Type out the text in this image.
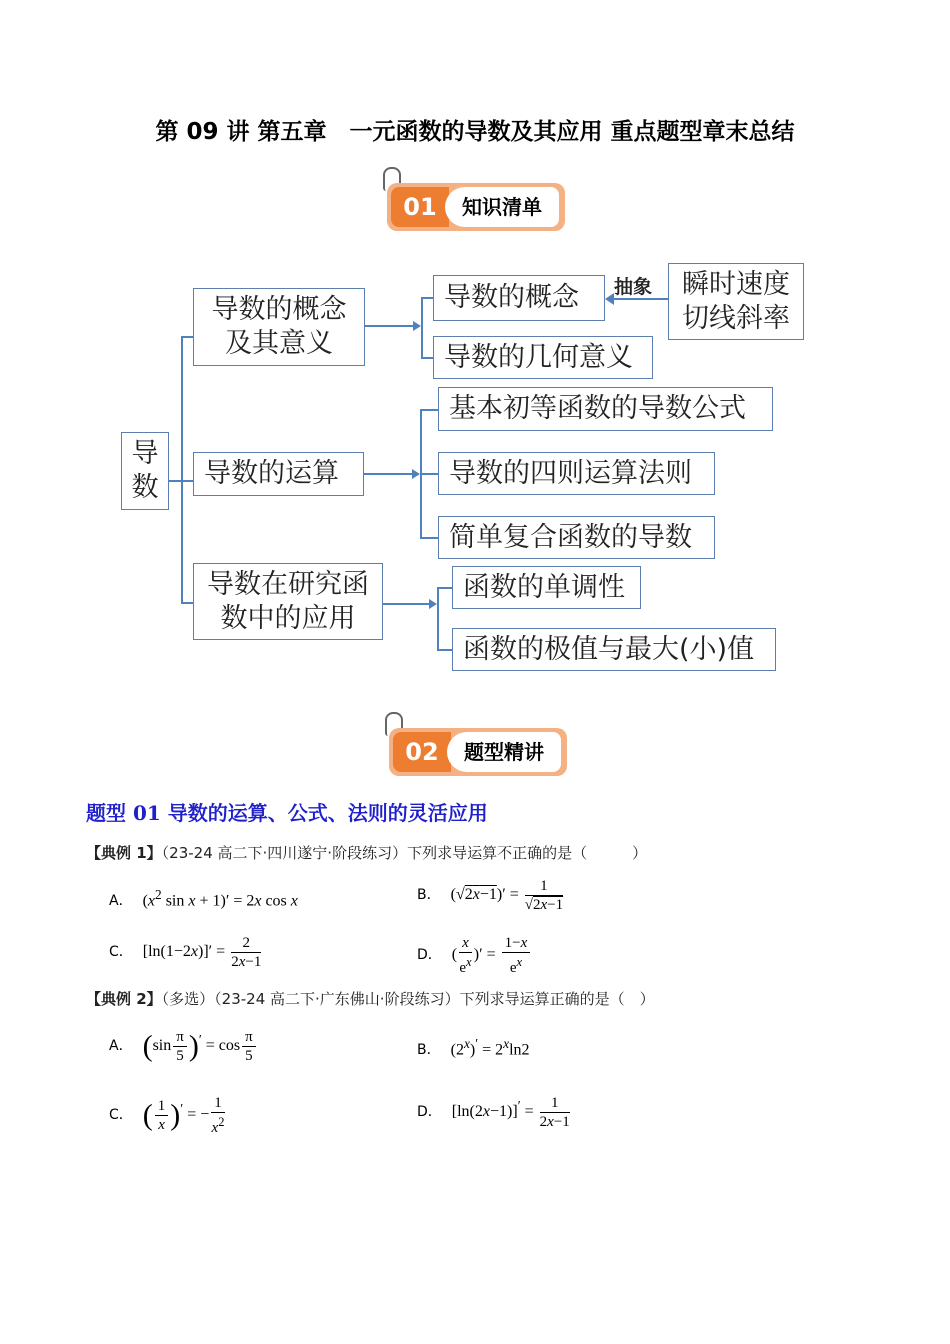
第 09 讲 第五章　一元函数的导数及其应用 重点题型章末总结
01	知识清单
导
数
导数的概念
及其意义
导数的概念
导数的几何意义
抽象 瞬时速度
切线斜率
导数的运算
基本初等函数的导数公式
导数的四则运算法则
简单复合函数的导数
导数在研究函
数中的应用
函数的单调性
函数的极值与最大(小)值
02	题型精讲
题型 01 导数的运算、公式、法则的灵活应用
【典例 1】（23-24 高二下·四川遂宁·阶段练习）下列求导运算不正确的是（　　　）
A． ($x^2$ sin x + 1)′ = 2x cos x	B． $(√2x-1)' = \frac{1}{√2x-1}$
C． $[\ln(1-2x)]' = \frac{2}{2x-1}$	D． ( $\frac{x}{e^x}$ )′ = $\frac{1-x}{e^x}$
【典例 2】（多选）（23-24 高二下·广东佛山·阶段练习）下列求导运算正确的是（　）
A． $(\sin \frac{\pi}{5} )' = \cos \frac{\pi}{5}$	B． $(2^x)' = 2^x\ln 2$
C． ( $\frac{1}{x} )'$ = − $\frac{1}{x^2}$	D． $[\ln(2x-1)]' = \frac{1}{2x-1}$
